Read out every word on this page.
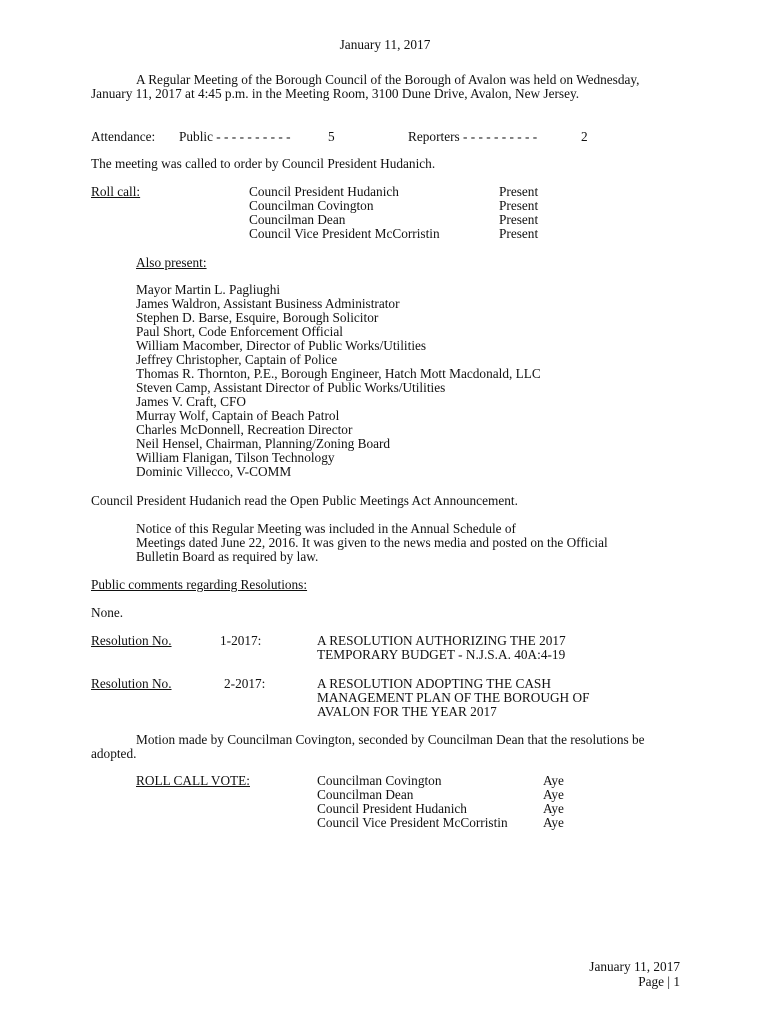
January 11, 2017
A Regular Meeting of the Borough Council of the Borough of Avalon was held on Wednesday, January 11, 2017 at 4:45 p.m. in the Meeting Room, 3100 Dune Drive, Avalon, New Jersey.
Attendance: Public - - - - - - - - - -	5	Reporters - - - - - - - - - -	2
The meeting was called to order by Council President Hudanich.
Roll call:	Council President Hudanich	Present
Councilman Covington	Present
Councilman Dean	Present
Council Vice President McCorristin	Present
Also present:
Mayor Martin L. Pagliughi
James Waldron, Assistant Business Administrator
Stephen D. Barse, Esquire, Borough Solicitor
Paul Short, Code Enforcement Official
William Macomber, Director of Public Works/Utilities
Jeffrey Christopher, Captain of Police
Thomas R. Thornton, P.E., Borough Engineer, Hatch Mott Macdonald, LLC
Steven Camp, Assistant Director of Public Works/Utilities
James V. Craft, CFO
Murray Wolf, Captain of Beach Patrol
Charles McDonnell, Recreation Director
Neil Hensel, Chairman, Planning/Zoning Board
William Flanigan, Tilson Technology
Dominic Villecco, V-COMM
Council President Hudanich read the Open Public Meetings Act Announcement.
Notice of this Regular Meeting was included in the Annual Schedule of
Meetings dated June 22, 2016. It was given to the news media and posted on the Official
Bulletin Board as required by law.
Public comments regarding Resolutions:
None.
Resolution No.	1-2017:	A RESOLUTION AUTHORIZING THE 2017
TEMPORARY BUDGET - N.J.S.A. 40A:4-19
Resolution No.	2-2017:	A RESOLUTION ADOPTING THE CASH
MANAGEMENT PLAN OF THE BOROUGH OF
AVALON FOR THE YEAR 2017
Motion made by Councilman Covington, seconded by Councilman Dean that the resolutions be adopted.
ROLL CALL VOTE:	Councilman Covington	Aye
Councilman Dean	Aye
Council President Hudanich	Aye
Council Vice President McCorristin	Aye
January 11, 2017
Page | 1
